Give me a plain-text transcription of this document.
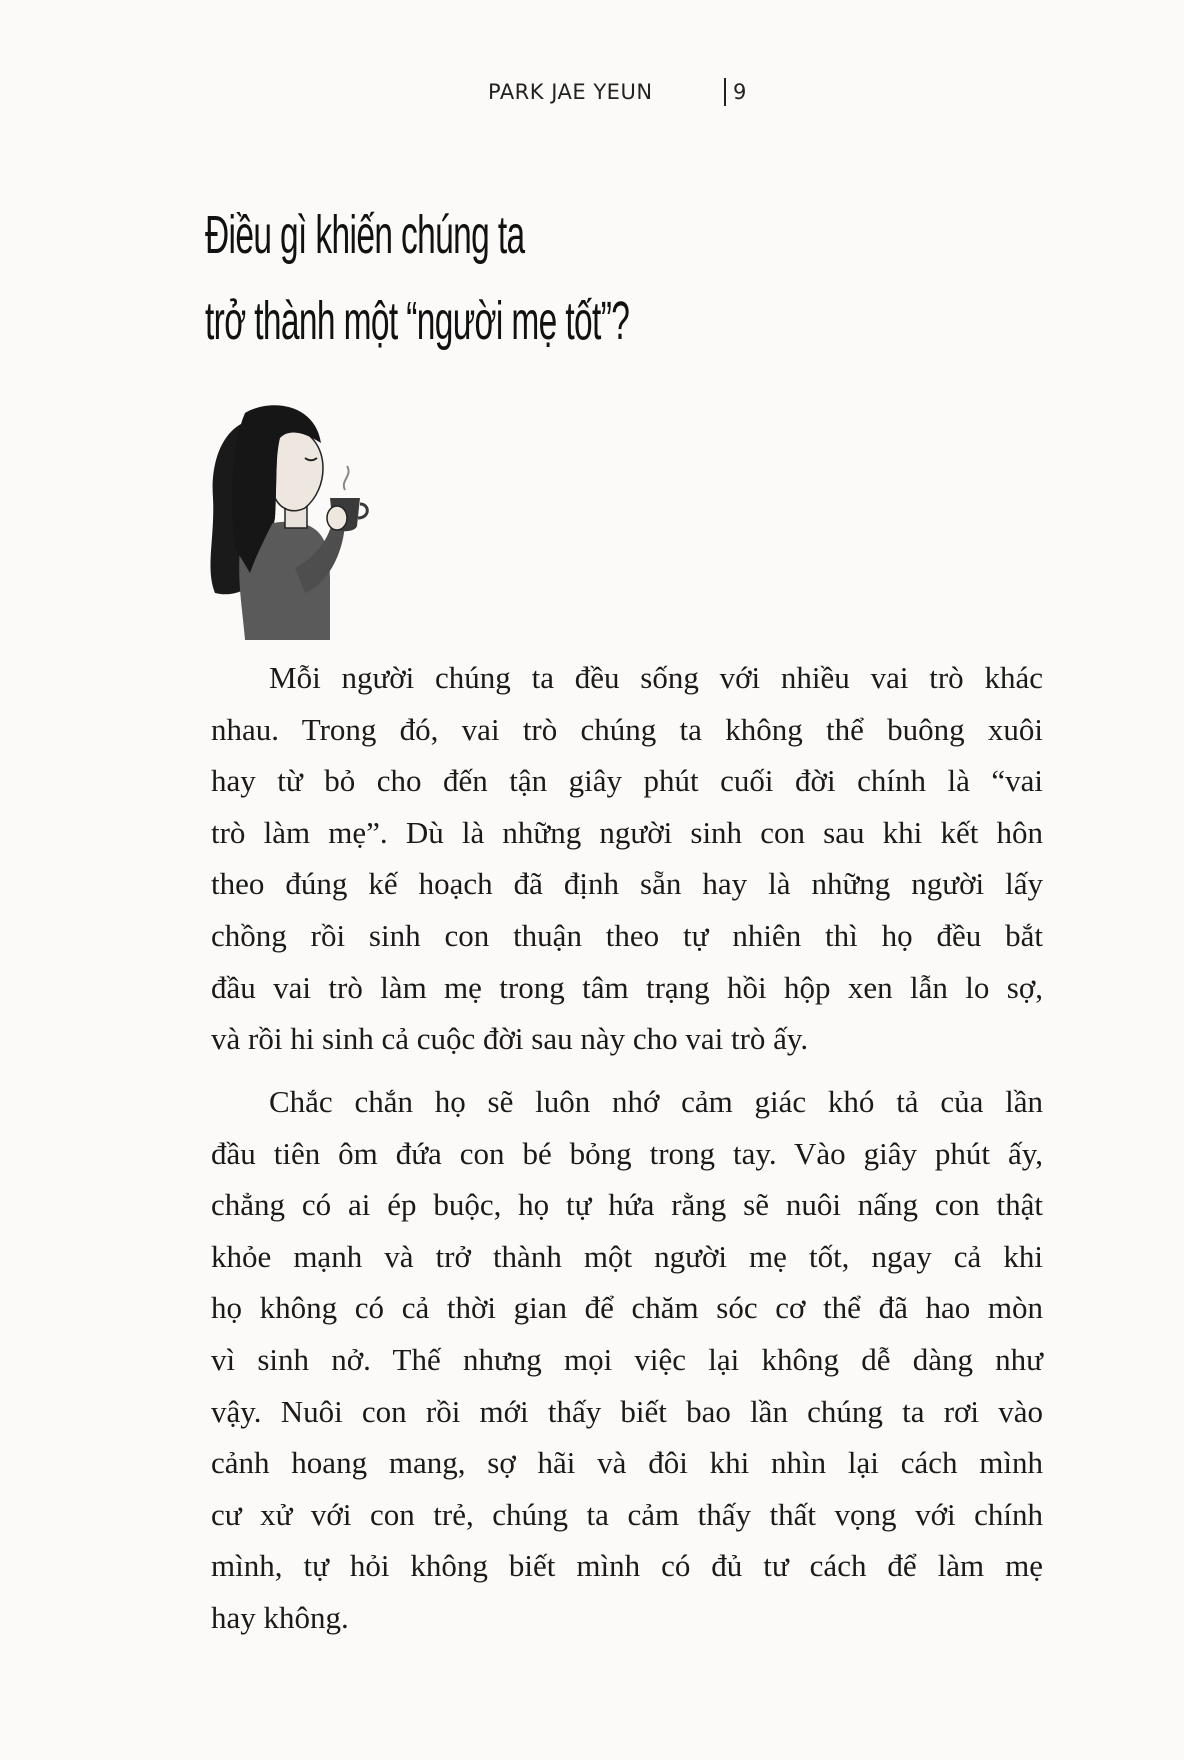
PARK JAE YEUN	9
Điều gì khiến chúng ta
trở thành một “người mẹ tốt”?
Mỗi người chúng ta đều sống với nhiều vai trò khác
nhau. Trong đó, vai trò chúng ta không thể buông xuôi
hay từ bỏ cho đến tận giây phút cuối đời chính là “vai
trò làm mẹ”. Dù là những người sinh con sau khi kết hôn
theo đúng kế hoạch đã định sẵn hay là những người lấy
chồng rồi sinh con thuận theo tự nhiên thì họ đều bắt
đầu vai trò làm mẹ trong tâm trạng hồi hộp xen lẫn lo sợ,
và rồi hi sinh cả cuộc đời sau này cho vai trò ấy.
Chắc chắn họ sẽ luôn nhớ cảm giác khó tả của lần
đầu tiên ôm đứa con bé bỏng trong tay. Vào giây phút ấy,
chẳng có ai ép buộc, họ tự hứa rằng sẽ nuôi nấng con thật
khỏe mạnh và trở thành một người mẹ tốt, ngay cả khi
họ không có cả thời gian để chăm sóc cơ thể đã hao mòn
vì sinh nở. Thế nhưng mọi việc lại không dễ dàng như
vậy. Nuôi con rồi mới thấy biết bao lần chúng ta rơi vào
cảnh hoang mang, sợ hãi và đôi khi nhìn lại cách mình
cư xử với con trẻ, chúng ta cảm thấy thất vọng với chính
mình, tự hỏi không biết mình có đủ tư cách để làm mẹ
hay không.
